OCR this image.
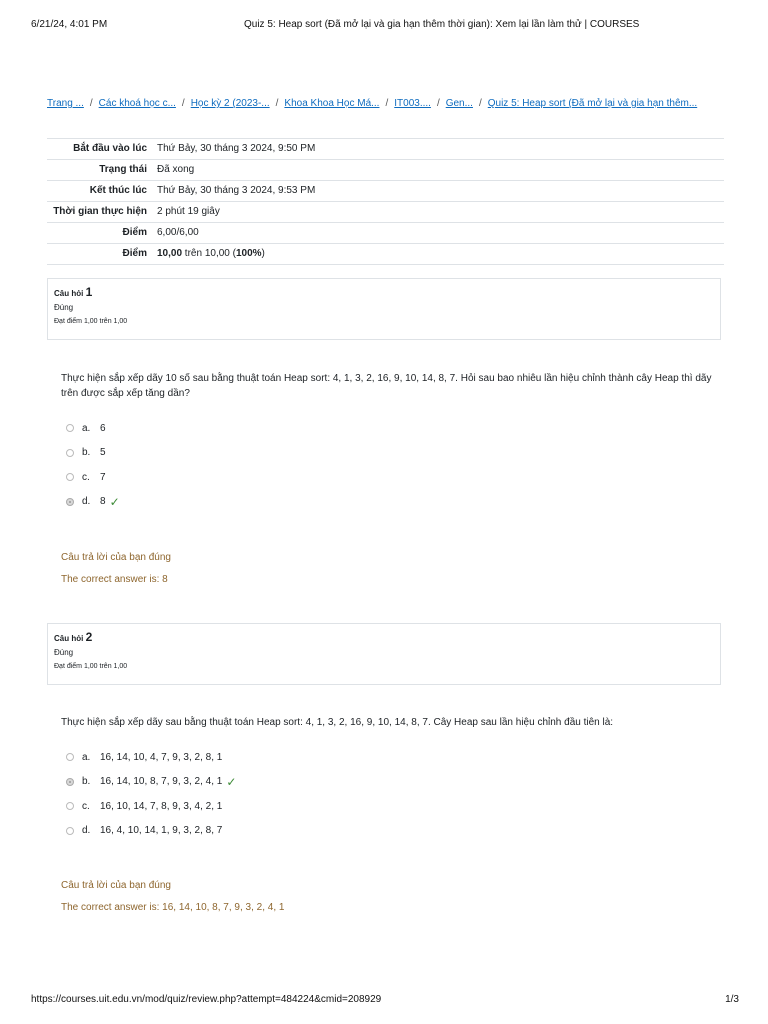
6/21/24, 4:01 PM	Quiz 5: Heap sort (Đã mở lại và gia hạn thêm thời gian): Xem lại lần làm thử | COURSES
Trang ... / Các khoá học c... / Học kỳ 2 (2023-... / Khoa Khoa Học Má... / IT003.... / Gen... / Quiz 5: Heap sort (Đã mở lại và gia hạn thêm...
Bắt đầu vào lúc	Thứ Bảy, 30 tháng 3 2024, 9:50 PM
Trạng thái	Đã xong
Kết thúc lúc	Thứ Bảy, 30 tháng 3 2024, 9:53 PM
Thời gian thực hiện	2 phút 19 giây
Điểm	6,00/6,00
Điểm	10,00 trên 10,00 (100%)
Câu hỏi 1
Đúng
Đạt điểm 1,00 trên 1,00
Thực hiện sắp xếp dãy 10 số sau bằng thuật toán Heap sort: 4, 1, 3, 2, 16, 9, 10, 14, 8, 7. Hỏi sau bao nhiêu lần hiệu chỉnh thành cây Heap thì dãy trên được sắp xếp tăng dần?
a. 6
b. 5
c.	7
d. 8 ✓
Câu trả lời của bạn đúng
The correct answer is: 8
Câu hỏi 2
Đúng
Đạt điểm 1,00 trên 1,00
Thực hiện sắp xếp dãy sau bằng thuật toán Heap sort: 4, 1, 3, 2, 16, 9, 10, 14, 8, 7. Cây Heap sau lần hiệu chỉnh đầu tiên là:
a. 16, 14, 10, 4, 7, 9, 3, 2, 8, 1
b. 16, 14, 10, 8, 7, 9, 3, 2, 4, 1 ✓
c.	16, 10, 14, 7, 8, 9, 3, 4, 2, 1
d. 16, 4, 10, 14, 1, 9, 3, 2, 8, 7
Câu trả lời của bạn đúng
The correct answer is: 16, 14, 10, 8, 7, 9, 3, 2, 4, 1
https://courses.uit.edu.vn/mod/quiz/review.php?attempt=484224&cmid=208929	1/3
